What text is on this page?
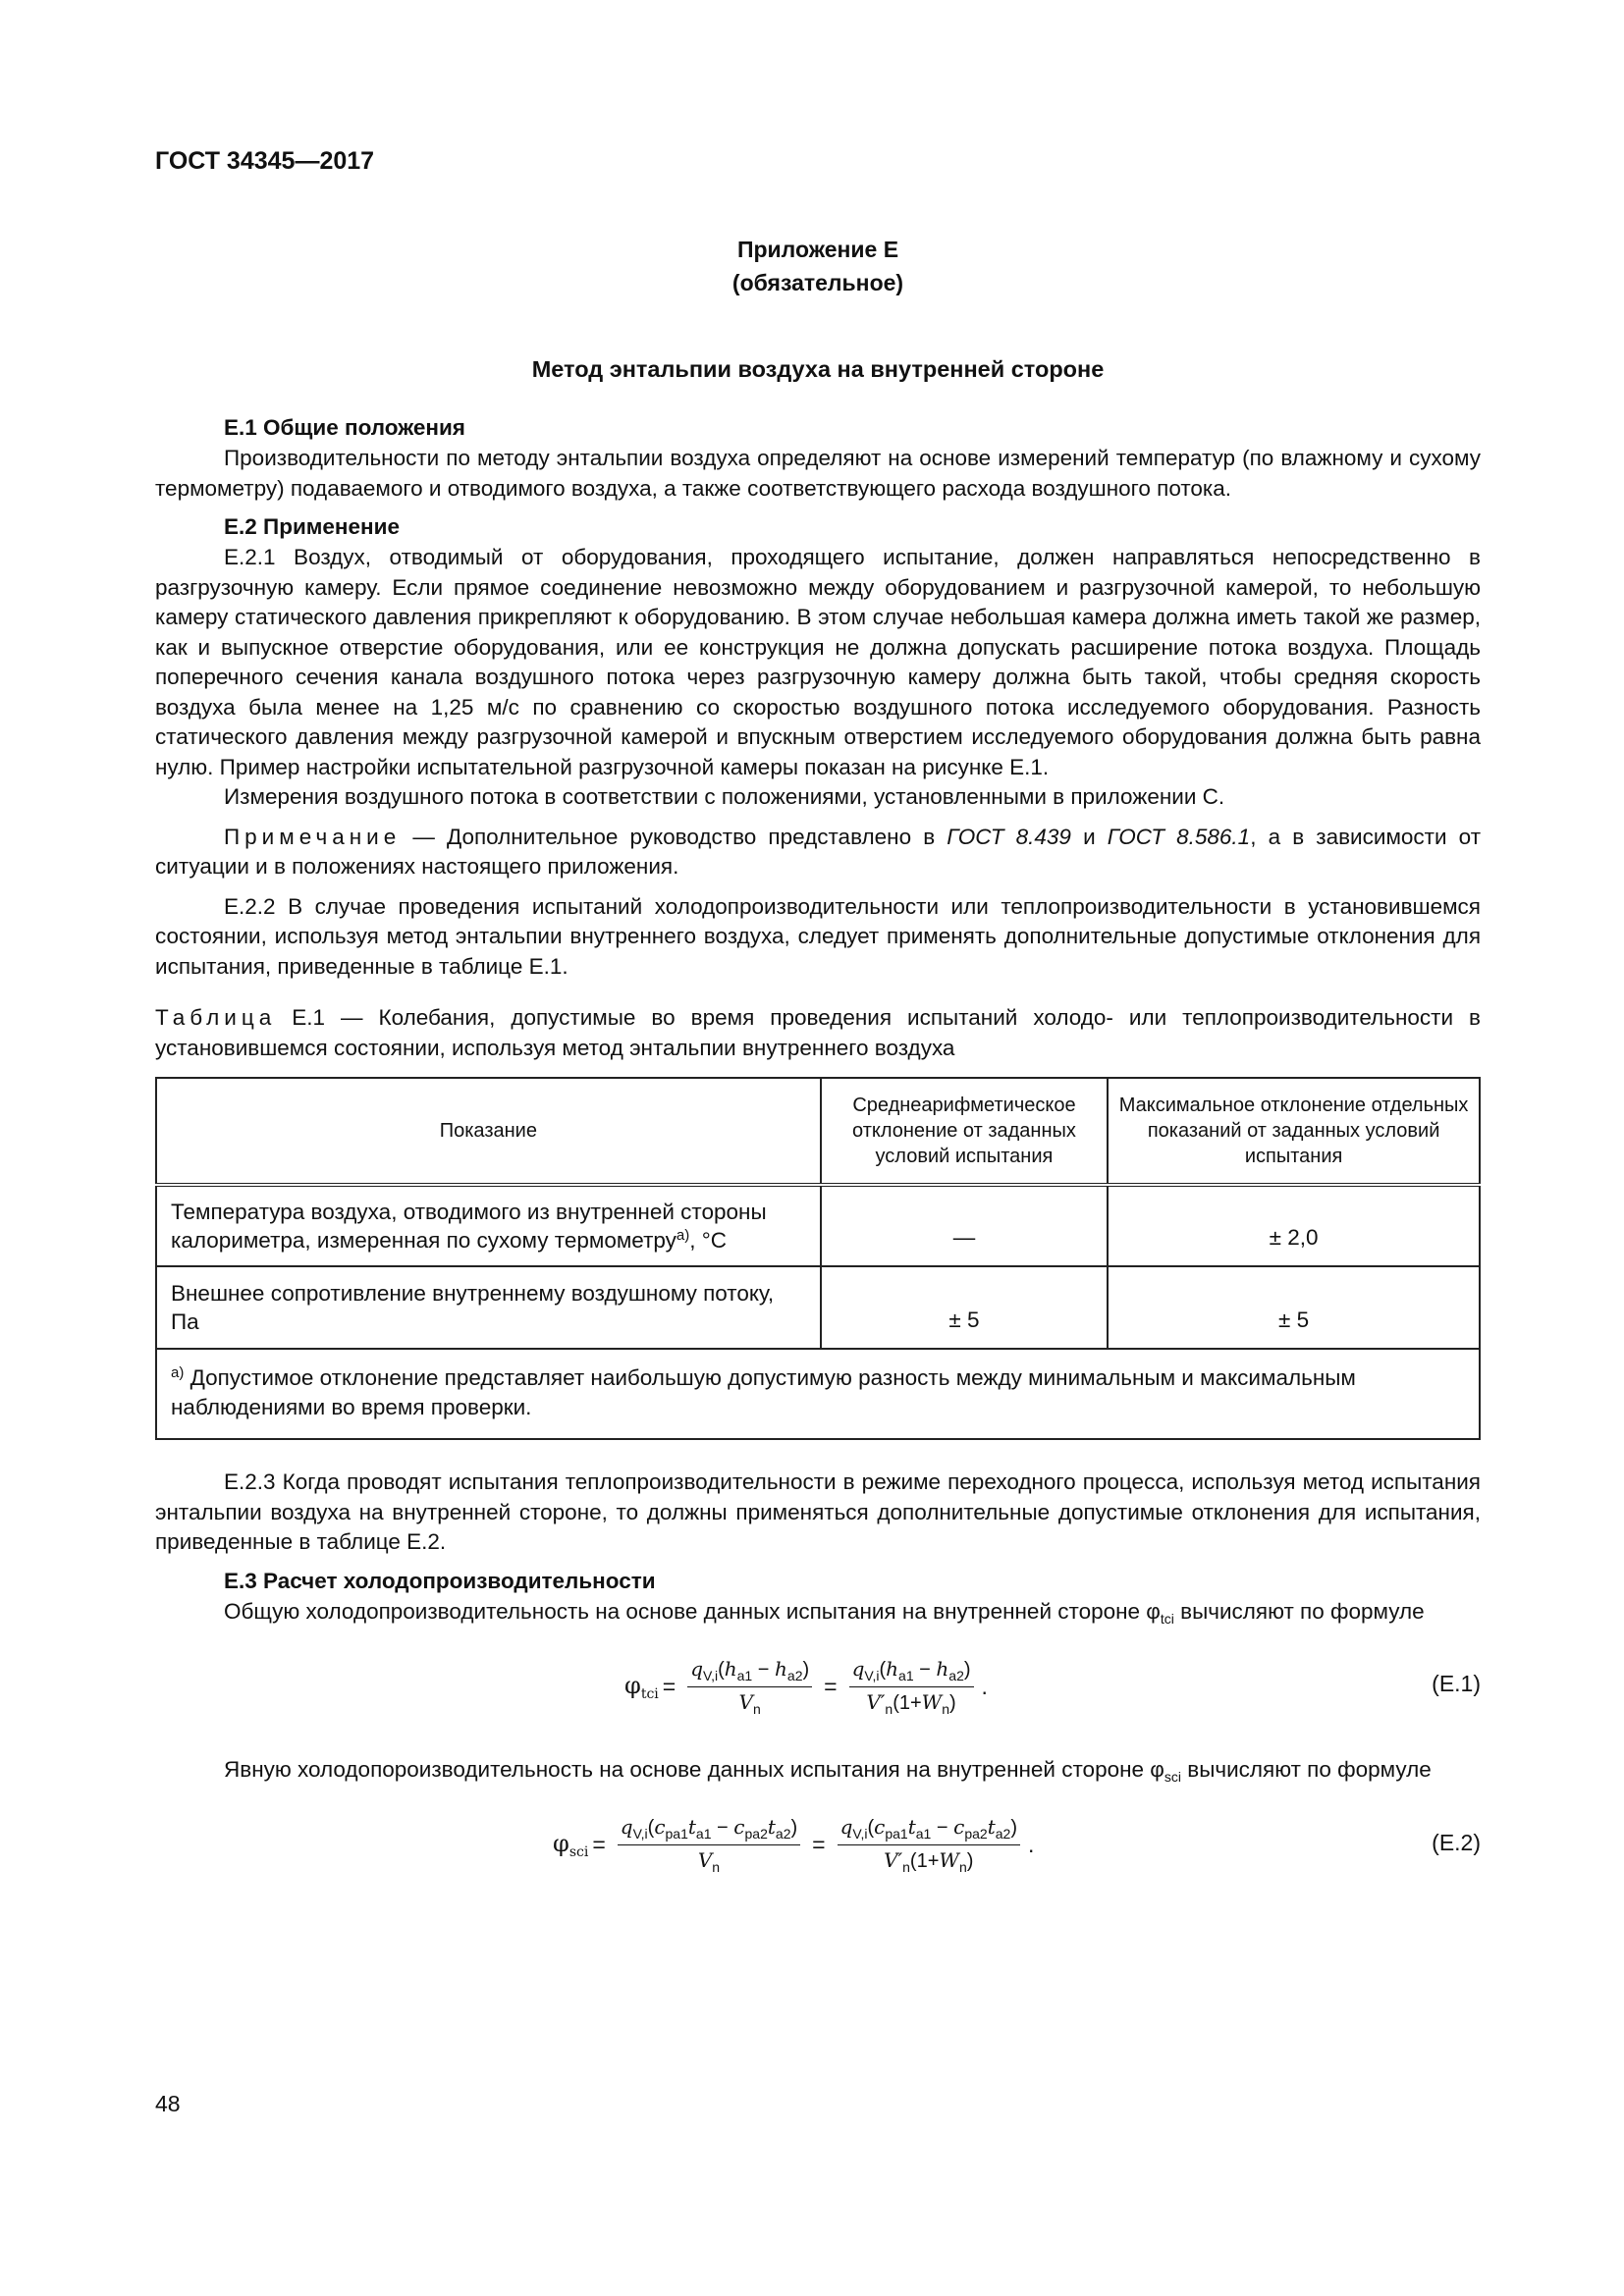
ГОСТ 34345—2017
Приложение Е
(обязательное)
Метод энтальпии воздуха на внутренней стороне
Е.1 Общие положения

Производительности по методу энтальпии воздуха определяют на основе измерений температур (по влажному и сухому термометру) подаваемого и отводимого воздуха, а также соответствующего расхода воздушного потока.

Е.2 Применение

Е.2.1 Воздух, отводимый от оборудования, проходящего испытание, должен направляться непосредственно в разгрузочную камеру. Если прямое соединение невозможно между оборудованием и разгрузочной камерой, то небольшую камеру статического давления прикрепляют к оборудованию. В этом случае небольшая камера должна иметь такой же размер, как и выпускное отверстие оборудования, или ее конструкция не должна допускать расширение потока воздуха. Площадь поперечного сечения канала воздушного потока через разгрузочную камеру должна быть такой, чтобы средняя скорость воздуха была менее на 1,25 м/с по сравнению со скоростью воздушного потока исследуемого оборудования. Разность статического давления между разгрузочной камерой и впускным отверстием исследуемого оборудования должна быть равна нулю. Пример настройки испытательной разгрузочной камеры показан на рисунке Е.1.

Измерения воздушного потока в соответствии с положениями, установленными в приложении С.

Примечание — Дополнительное руководство представлено в ГОСТ 8.439 и ГОСТ 8.586.1, а в зависимости от ситуации и в положениях настоящего приложения.

Е.2.2 В случае проведения испытаний холодопроизводительности или теплопроизводительности в установившемся состоянии, используя метод энтальпии внутреннего воздуха, следует применять дополнительные допустимые отклонения для испытания, приведенные в таблице Е.1.

Таблица Е.1 — Колебания, допустимые во время проведения испытаний холодо- или теплопроизводительности в установившемся состоянии, используя метод энтальпии внутреннего воздуха

Показание	Среднеарифметическое отклонение от заданных условий испытания	Максимальное отклонение отдельных показаний от заданных условий испытания
Температура воздуха, отводимого из внутренней стороны калориметра, измеренная по сухому термометру$^{а)}$, °С	—	± 2,0
Внешнее сопротивление внутреннему воздушному потоку, Па	± 5	± 5
$^{а)}$ Допустимое отклонение представляет наибольшую допустимую разность между минимальным и максимальным наблюдениями во время проверки.		

Е.2.3 Когда проводят испытания теплопроизводительности в режиме переходного процесса, используя метод испытания энтальпии воздуха на внутренней стороне, то должны применяться дополнительные допустимые отклонения для испытания, приведенные в таблице Е.2.

Е.3 Расчет холодопроизводительности

Общую холодопроизводительность на основе данных испытания на внутренней стороне $\varphi_{tci}$ вычисляют по формуле

$\varphi_{tci} = \frac{q_{V,i}(h_{a1} - h_{a2})}{V_n} = \frac{q_{V,i}(h_{a1} - h_{a2})}{V'_n(1+W_n)}$ .	(Е.1)

Явную холодопороизводительность на основе данных испытания на внутренней стороне $\varphi_{sci}$ вычисляют по формуле

$\varphi_{sci} = \frac{q_{V,i}(c_{pa1}t_{a1} - c_{pa2}t_{a2})}{V_n} = \frac{q_{V,i}(c_{pa1}t_{a1} - c_{pa2}t_{a2})}{V'_n(1+W_n)}$ .	(Е.2)
48
